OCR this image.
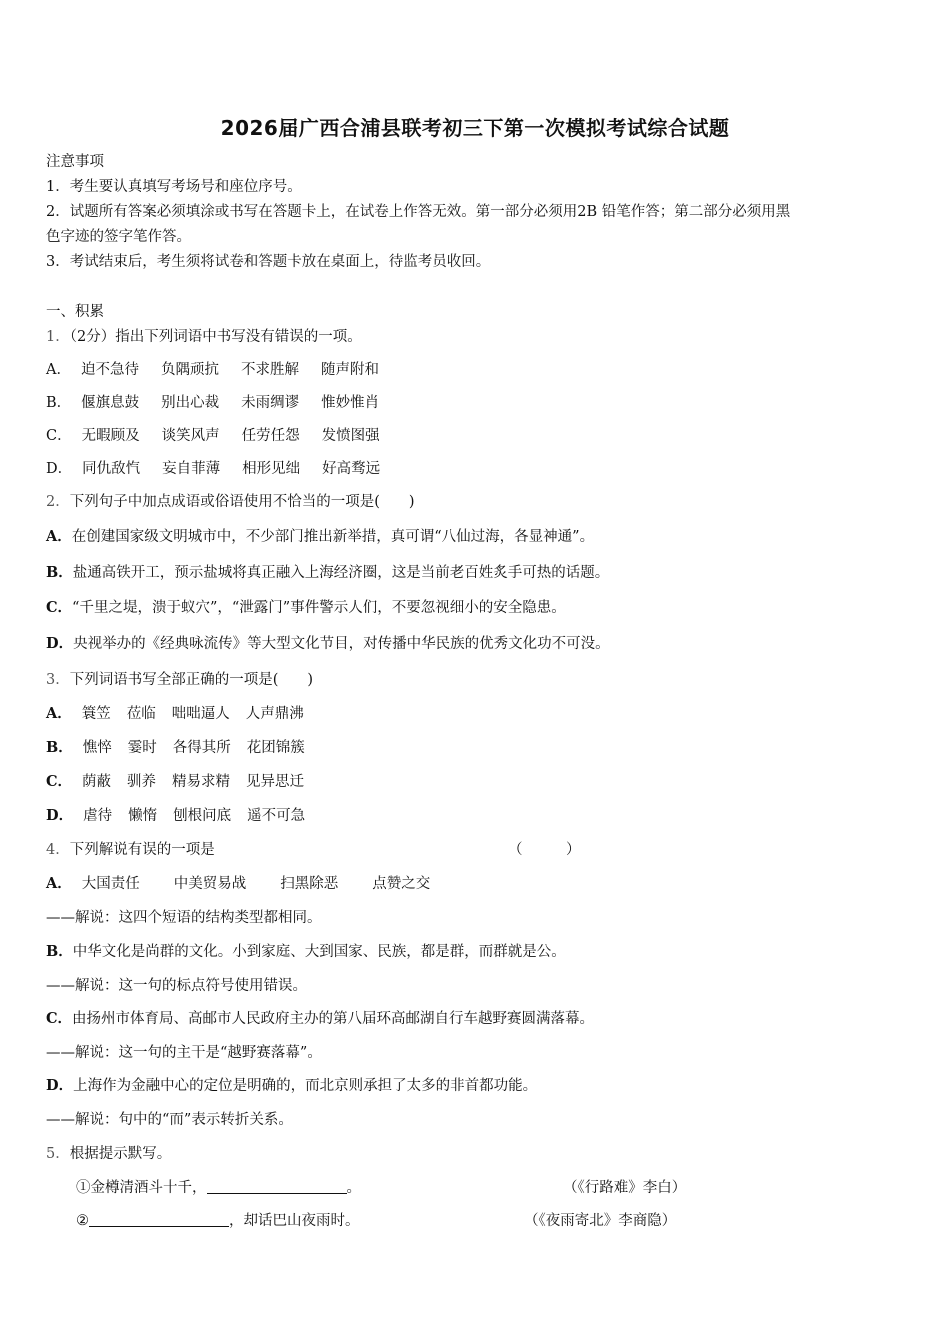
2026届广西合浦县联考初三下第一次模拟考试综合试题
注意事项
1．考生要认真填写考场号和座位序号。
2．试题所有答案必须填涂或书写在答题卡上，在试卷上作答无效。第一部分必须用2B 铅笔作答；第二部分必须用黑
色字迹的签字笔作答。
3．考试结束后，考生须将试卷和答题卡放在桌面上，待监考员收回。
一、积累
1．（2分）指出下列词语中书写没有错误的一项。
A． 迫不急待 负隅顽抗 不求胜解 随声附和
B． 偃旗息鼓 别出心裁 未雨绸谬 惟妙惟肖
C． 无暇顾及 谈笑风声 任劳任怨 发愤图强
D． 同仇敌忾 妄自菲薄 相形见绌 好高骛远
2．下列句子中加点成语或俗语使用不恰当的一项是(　　)
A．在创建国家级文明城市中，不少部门推出新举措，真可谓“八仙过海，各显神通”。
B．盐通高铁开工，预示盐城将真正融入上海经济圈，这是当前老百姓炙手可热的话题。
C．“千里之堤，溃于蚁穴”，“泄露门”事件警示人们，不要忽视细小的安全隐患。
D．央视举办的《经典咏流传》等大型文化节目，对传播中华民族的优秀文化功不可没。
3．下列词语书写全部正确的一项是(　　)
A． 簑笠 莅临 咄咄逼人 人声鼎沸
B． 憔悴 霎时 各得其所 花团锦簇
C． 荫蔽 驯养 精易求精 见异思迁
D． 虐待 懒惰 刨根问底 遥不可急
4．下列解说有误的一项是	（　　　）
A． 大国责任 中美贸易战 扫黑除恶 点赞之交
——解说：这四个短语的结构类型都相同。
B．中华文化是尚群的文化。小到家庭、大到国家、民族，都是群，而群就是公。
——解说：这一句的标点符号使用错误。
C．由扬州市体育局、高邮市人民政府主办的第八届环高邮湖自行车越野赛圆满落幕。
——解说：这一句的主干是“越野赛落幕”。
D．上海作为金融中心的定位是明确的，而北京则承担了太多的非首都功能。
——解说：句中的“而”表示转折关系。
5．根据提示默写。
①金樽清酒斗十千，	。	（《行路难》李白）
②	，却话巴山夜雨时。	（《夜雨寄北》李商隐）
